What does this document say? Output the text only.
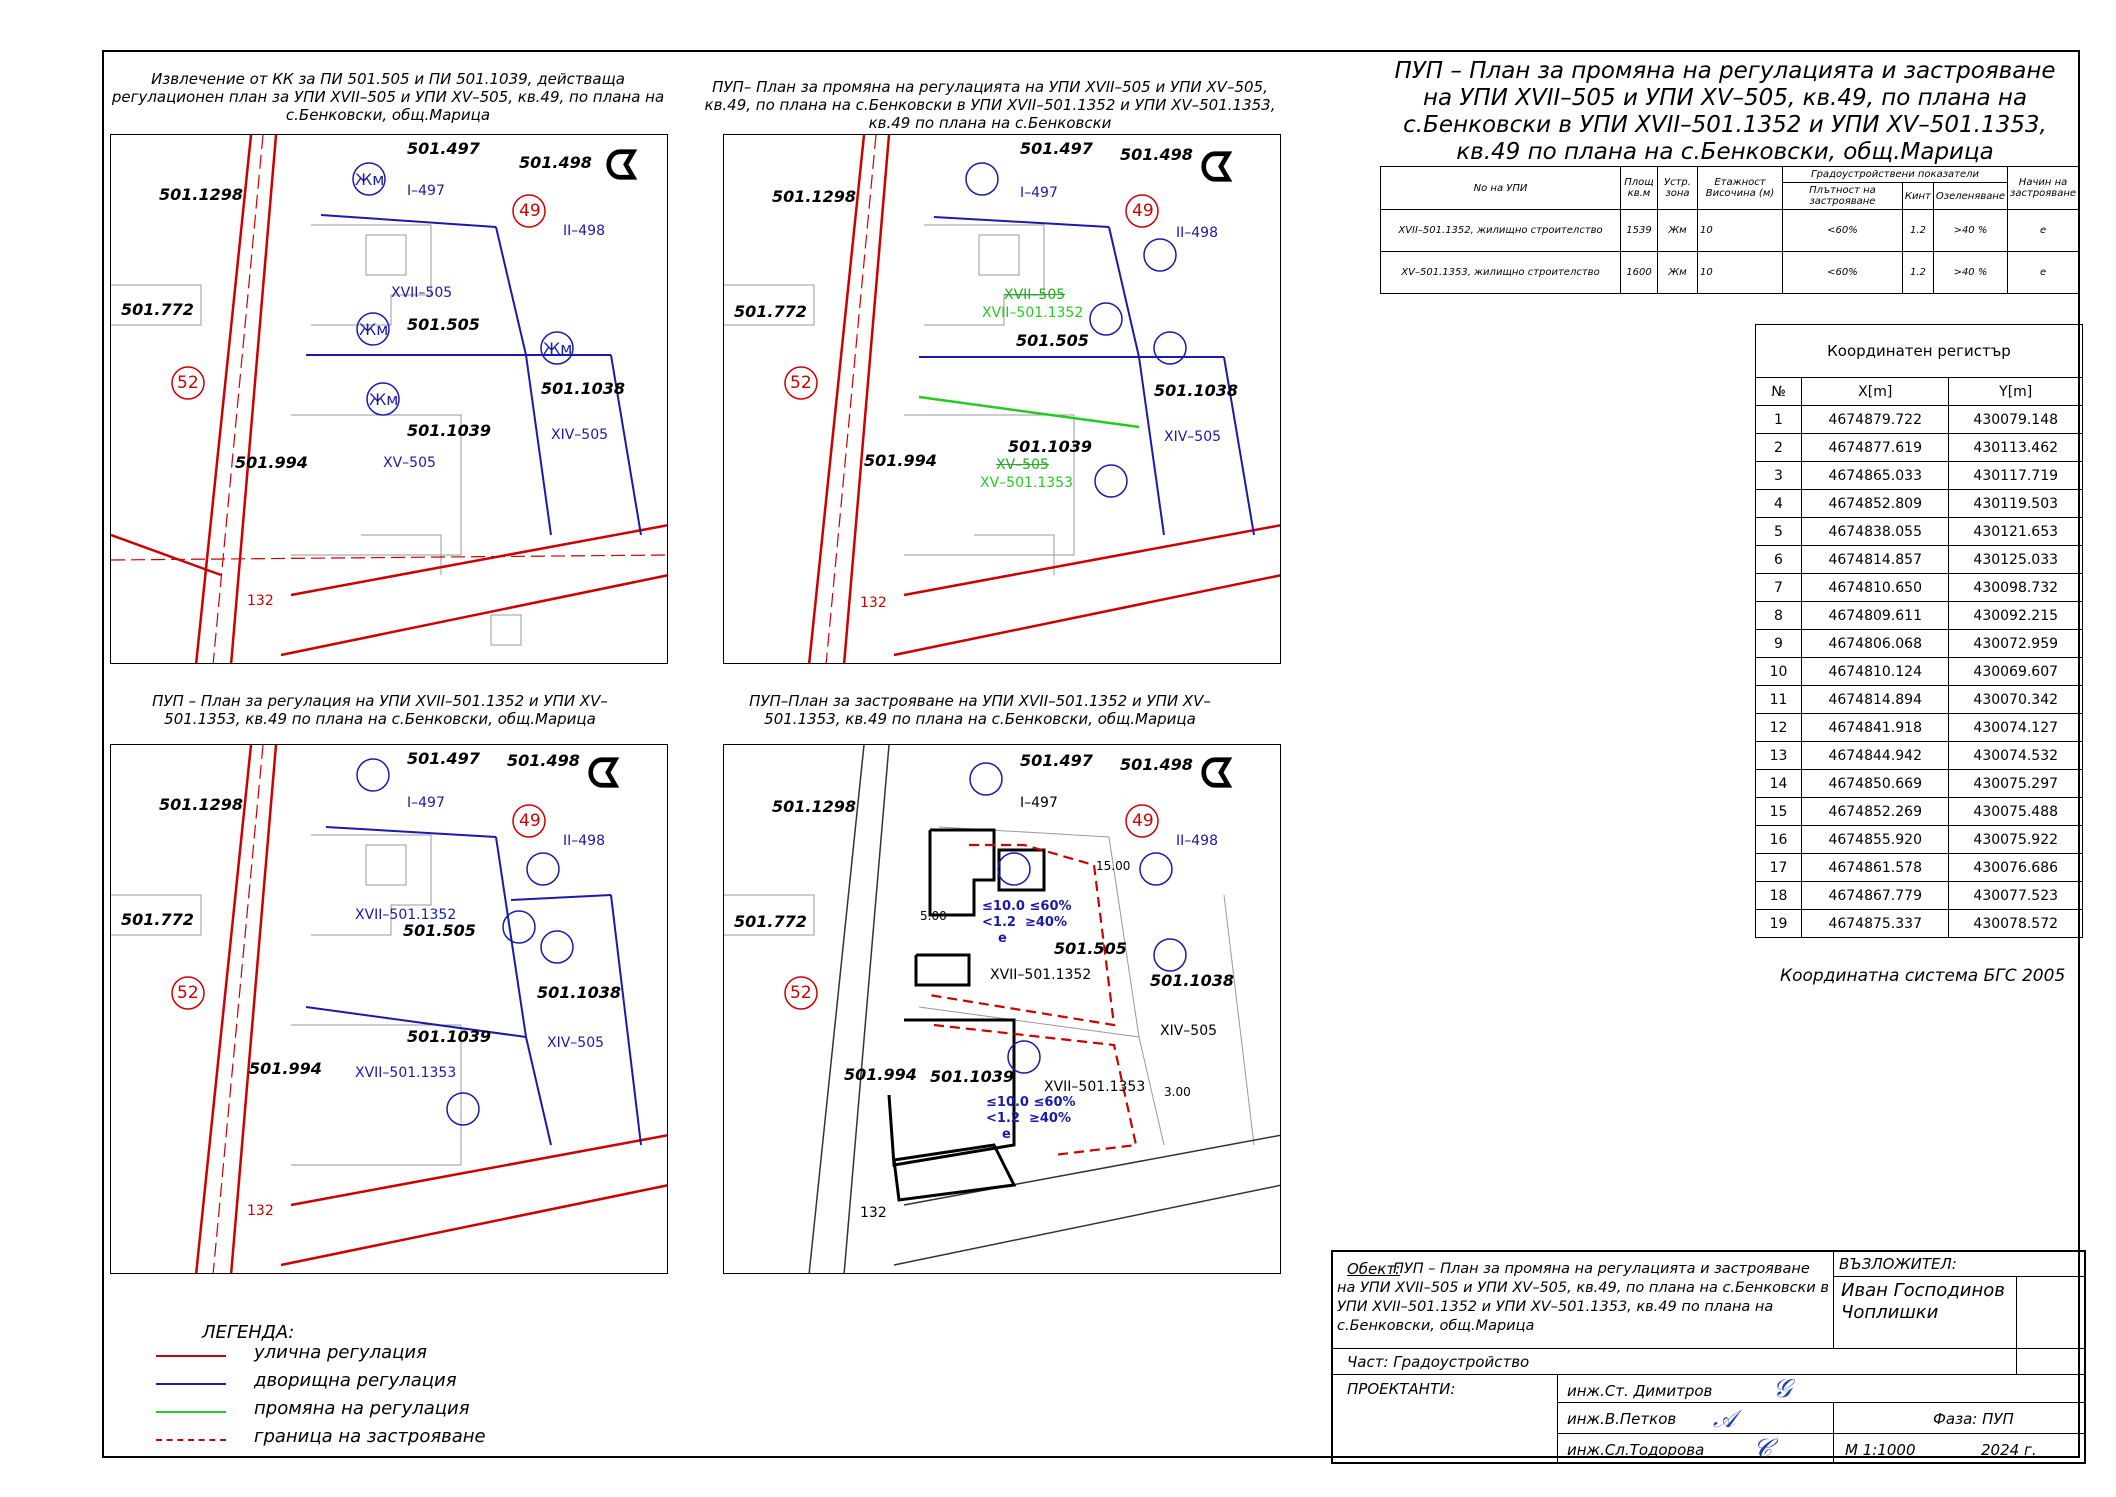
Извлечение от КК за ПИ 501.505 и ПИ 501.1039, действаща регулационен план за УПИ XVII–505 и УПИ XV–505, кв.49, по плана на с.Бенковски, общ.Марица
ПУП– План за промяна на регулацията на УПИ XVII–505 и УПИ XV–505, кв.49, по плана на с.Бенковски в УПИ XVII–501.1352 и УПИ XV–501.1353, кв.49 по плана на с.Бенковски
ПУП – План за регулация на УПИ XVII–501.1352 и УПИ XV–501.1353, кв.49 по плана на с.Бенковски, общ.Марица
ПУП–План за застрояване на УПИ XVII–501.1352 и УПИ XV–501.1353, кв.49 по плана на с.Бенковски, общ.Марица
501.1298
501.772
501.994
501.497
501.498
501.505
501.1039
501.1038
52
49
Жм
Жм
Жм
Жм
I–497
II–498
XVII–505
XV–505
XIV–505
132
ᗧ
501.1298
501.772
501.994
501.497 501.498
501.505
501.1039
501.1038
52
49
I–497
II–498
XVII–505
XVII–501.1352
XV–505
XV–501.1353
XIV–505
132
ᗧ
501.1298
501.772
501.994
501.497 501.498
501.505
501.1039
501.1038
52
49
I–497
II–498
XVII–501.1352
XVII–501.1353
XIV–505
132
ᗧ
501.1298
501.772
501.994
501.497 501.498
501.505
501.1039
501.1038
52
49
I–497
II–498
XVII–501.1352
XVII–501.1353
XIV–505
≤10.0 ≤60%
<1.2 ≥40%
е
≤10.0 ≤60%
<1.2 ≥40%
е
15.00
5.00
3.00
132
ᗧ
ПУП – План за промяна на регулацията и застрояване на УПИ XVII–505 и УПИ XV–505, кв.49, по плана на с.Бенковски в УПИ XVII–501.1352 и УПИ XV–501.1353, кв.49 по плана на с.Бенковски, общ.Марица
No на УПИ	Площ кв.м	Устр. зона	Етажност Височина (м)	Градоустройствени показатели			Начин на застрояване
				Плътност на застрояване	Кинт	Озеленяване	
XVII–501.1352, жилищно строителство	1539	Жм	10	<60%	1.2	>40 %	е
XV–501.1353, жилищно строителство	1600	Жм	10	<60%	1.2	>40 %	е
Координатен регистър		
№	X[m]	Y[m]
1	4674879.722	430079.148
2	4674877.619	430113.462
3	4674865.033	430117.719
4	4674852.809	430119.503
5	4674838.055	430121.653
6	4674814.857	430125.033
7	4674810.650	430098.732
8	4674809.611	430092.215
9	4674806.068	430072.959
10	4674810.124	430069.607
11	4674814.894	430070.342
12	4674841.918	430074.127
13	4674844.942	430074.532
14	4674850.669	430075.297
15	4674852.269	430075.488
16	4674855.920	430075.922
17	4674861.578	430076.686
18	4674867.779	430077.523
19	4674875.337	430078.572
Координатна система БГС 2005
ЛЕГЕНДА:
улична регулация
дворищна регулация
промяна на регулация
граница на застрояване
Обект:
ПУП – План за промяна на регулацията и застрояване на УПИ XVII–505 и УПИ XV–505, кв.49, по плана на с.Бенковски в УПИ XVII–501.1352 и УПИ XV–501.1353, кв.49 по плана на с.Бенковски, общ.Марица
ВЪЗЛОЖИТЕЛ:
Иван Господинов Чоплишки
Част: Градоустройство
ПРОЕКТАНТИ:	инж.Ст. Димитров
инж.В.Петков
инж.Сл.Тодорова
𝒢
𝒜
𝒞
Фаза: ПУП
М 1:1000	2024 г.
